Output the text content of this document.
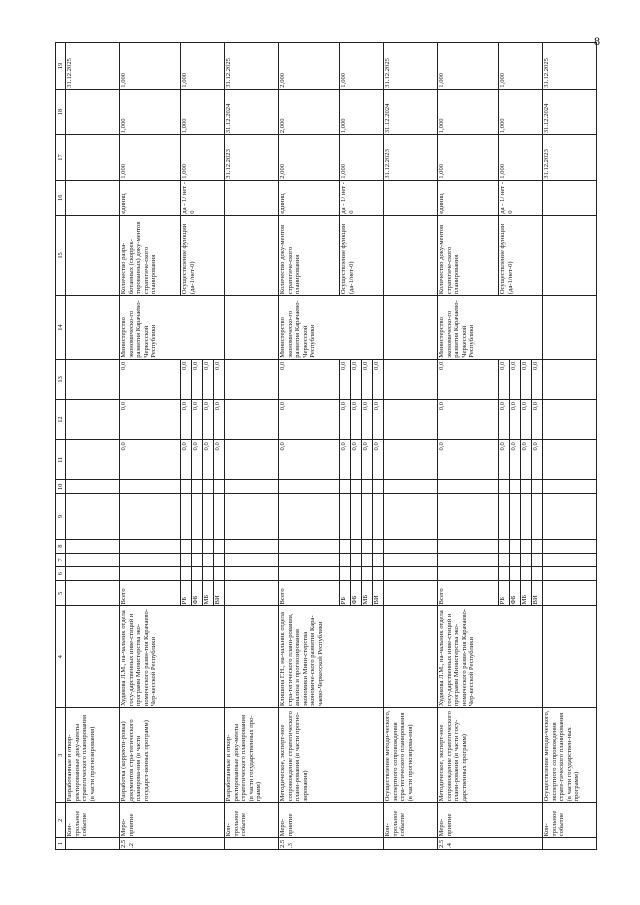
8
1	2	3	4	5	6	7	8	9	10	11	12	13	14	15	16	17	18	19
	Кон-трольное событие	Разработанные и откор-ректированные доку-менты стратегического планирования (в части прогнозирования)																31.12.2025
2.5.2	Меро-приятие	Разработка (корректи-ровка) документов стра-тегического планирова-ния (в части государст-венных программ)	Худякова Л.М., на-чальник отдела госу-дарственных инве-стиций и программ Министерства эко-номического разви-тия Карачаево-Чер-кесской Республики	Всего						0,0	0,0	0,0	Министерство экономическо-го развития Карачаево-Черкесской Республики	Количество разра-ботанных (скоррек-тированных) доку-ментов стратегиче-ского планирования	единиц	1,000	1,000	1,000
				РБ						0,0	0,0	0,0		Осуществление функции (да-1/нет-0)	да - 1/ нет - 0	1,000	1,000	1,000
				ФБ						0,0	0,0	0,0						
				МБ						0,0	0,0	0,0						
				ВИ						0,0	0,0	0,0						
	Кон-трольное событие	Разработанные и откор-ректированные доку-менты стратегического планирования (в части государственных про-грамм)														31.12.2023	31.12.2024	31.12.2025
2.5.3	Меро-приятие	Методическое, эксперт-ное сопровождение стратегического плани-рования (в части прогно-зирования)	Клишина Г.Н., на-чальник отдела стра-тегического плани-рования, анализа и прогнозирования экономики Мини-стерства экономиче-ского развития Кара-чаево-Черкесской Республики	Всего						0,0	0,0	0,0	Министерство экономическо-го развития Карачаево-Черкесской Республики	Количество доку-ментов стратегиче-ского планирования	единиц	2,000	2,000	2,000
				РБ						0,0	0,0	0,0		Осуществление функции (да-1/нет-0)	да - 1/ нет - 0	1,000	1,000	1,000
				ФБ						0,0	0,0	0,0						
				МБ						0,0	0,0	0,0						
				ВИ						0,0	0,0	0,0						
	Кон-трольное событие	Осуществление методи-ческого, экспертного сопровождения стра-тегического планирования (в части прогнозирова-ния)														31.12.2023	31.12.2024	31.12.2025
2.5.4	Меро-приятие	Методическое, эксперт-ное сопровождение стратегического плани-рования (в части госу-дарственных программ)	Худякова Л.М., на-чальник отдела госу-дарственных инве-стиций и программ Министерства эко-номического разви-тия Карачаево-Чер-кесской Республики	Всего						0,0	0,0	0,0	Министерство экономическо-го развития Карачаево-Черкесской Республики	Количество доку-ментов стратегиче-ского планирования	единиц	1,000	1,000	1,000
				РБ						0,0	0,0	0,0		Осуществление функции (да-1/нет-0)	да - 1/ нет - 0	1,000	1,000	1,000
				ФБ						0,0	0,0	0,0						
				МБ						0,0	0,0	0,0						
				ВИ						0,0	0,0	0,0						
	Кон-трольное событие	Осуществление методи-ческого, экспертного сопровождения страте-гического планирования (в части государствен-ных программ)														31.12.2023	31.12.2024	31.12.2025
